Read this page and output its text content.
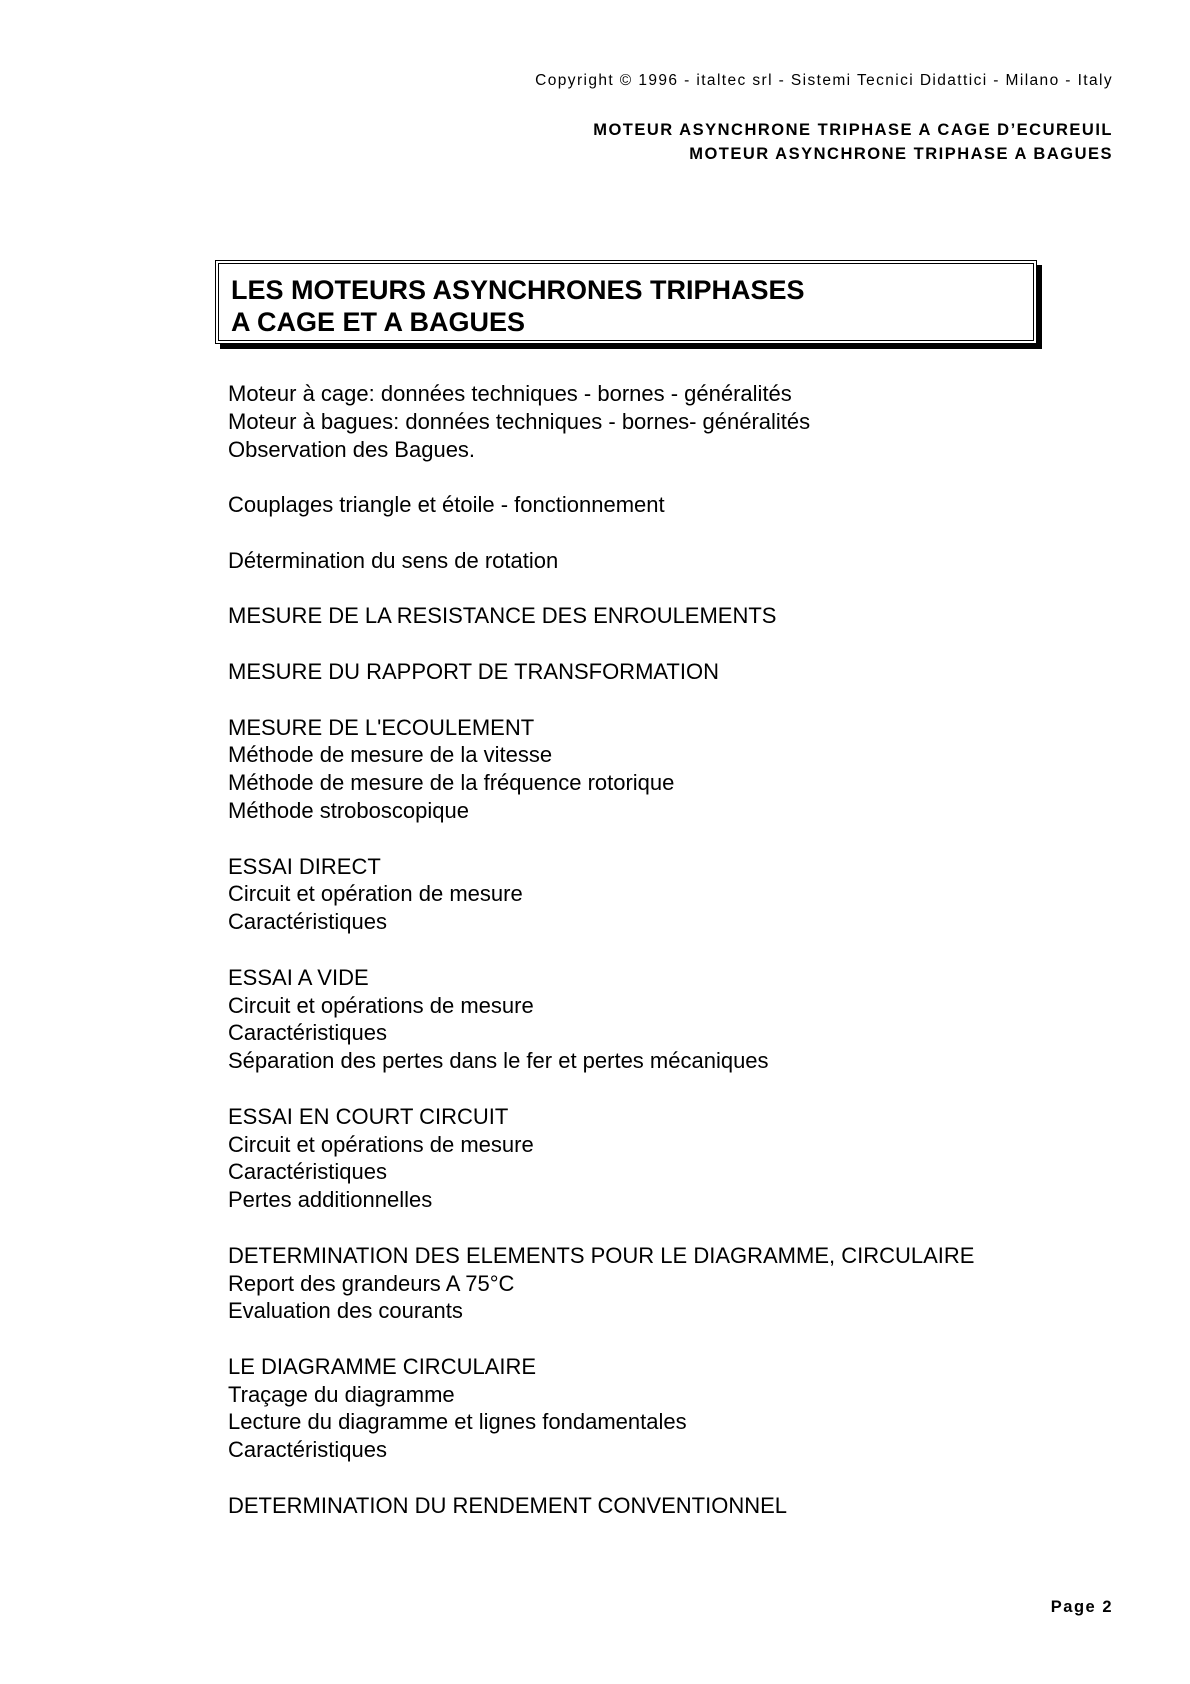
Copyright © 1996 - italtec srl - Sistemi Tecnici Didattici - Milano - Italy
MOTEUR ASYNCHRONE TRIPHASE A CAGE D’ECUREUIL
MOTEUR ASYNCHRONE TRIPHASE A BAGUES
LES MOTEURS ASYNCHRONES TRIPHASES
A CAGE ET A BAGUES
Moteur à cage: données techniques - bornes - généralités
Moteur à bagues: données techniques - bornes- généralités
Observation des Bagues.
Couplages triangle et étoile - fonctionnement
Détermination du sens de rotation
MESURE DE LA RESISTANCE DES ENROULEMENTS
MESURE DU RAPPORT DE TRANSFORMATION
MESURE DE L'ECOULEMENT
Méthode de mesure de la vitesse
Méthode de mesure de la fréquence rotorique
Méthode stroboscopique
ESSAI DIRECT
Circuit et opération de mesure
Caractéristiques
ESSAI A VIDE
Circuit et opérations de mesure
Caractéristiques
Séparation des pertes dans le fer et pertes mécaniques
ESSAI EN COURT CIRCUIT
Circuit et opérations de mesure
Caractéristiques
Pertes additionnelles
DETERMINATION DES ELEMENTS POUR LE DIAGRAMME, CIRCULAIRE
Report des grandeurs A 75°C
Evaluation des courants
LE DIAGRAMME CIRCULAIRE
Traçage du diagramme
Lecture du diagramme et lignes fondamentales
Caractéristiques
DETERMINATION DU RENDEMENT CONVENTIONNEL
Page 2
